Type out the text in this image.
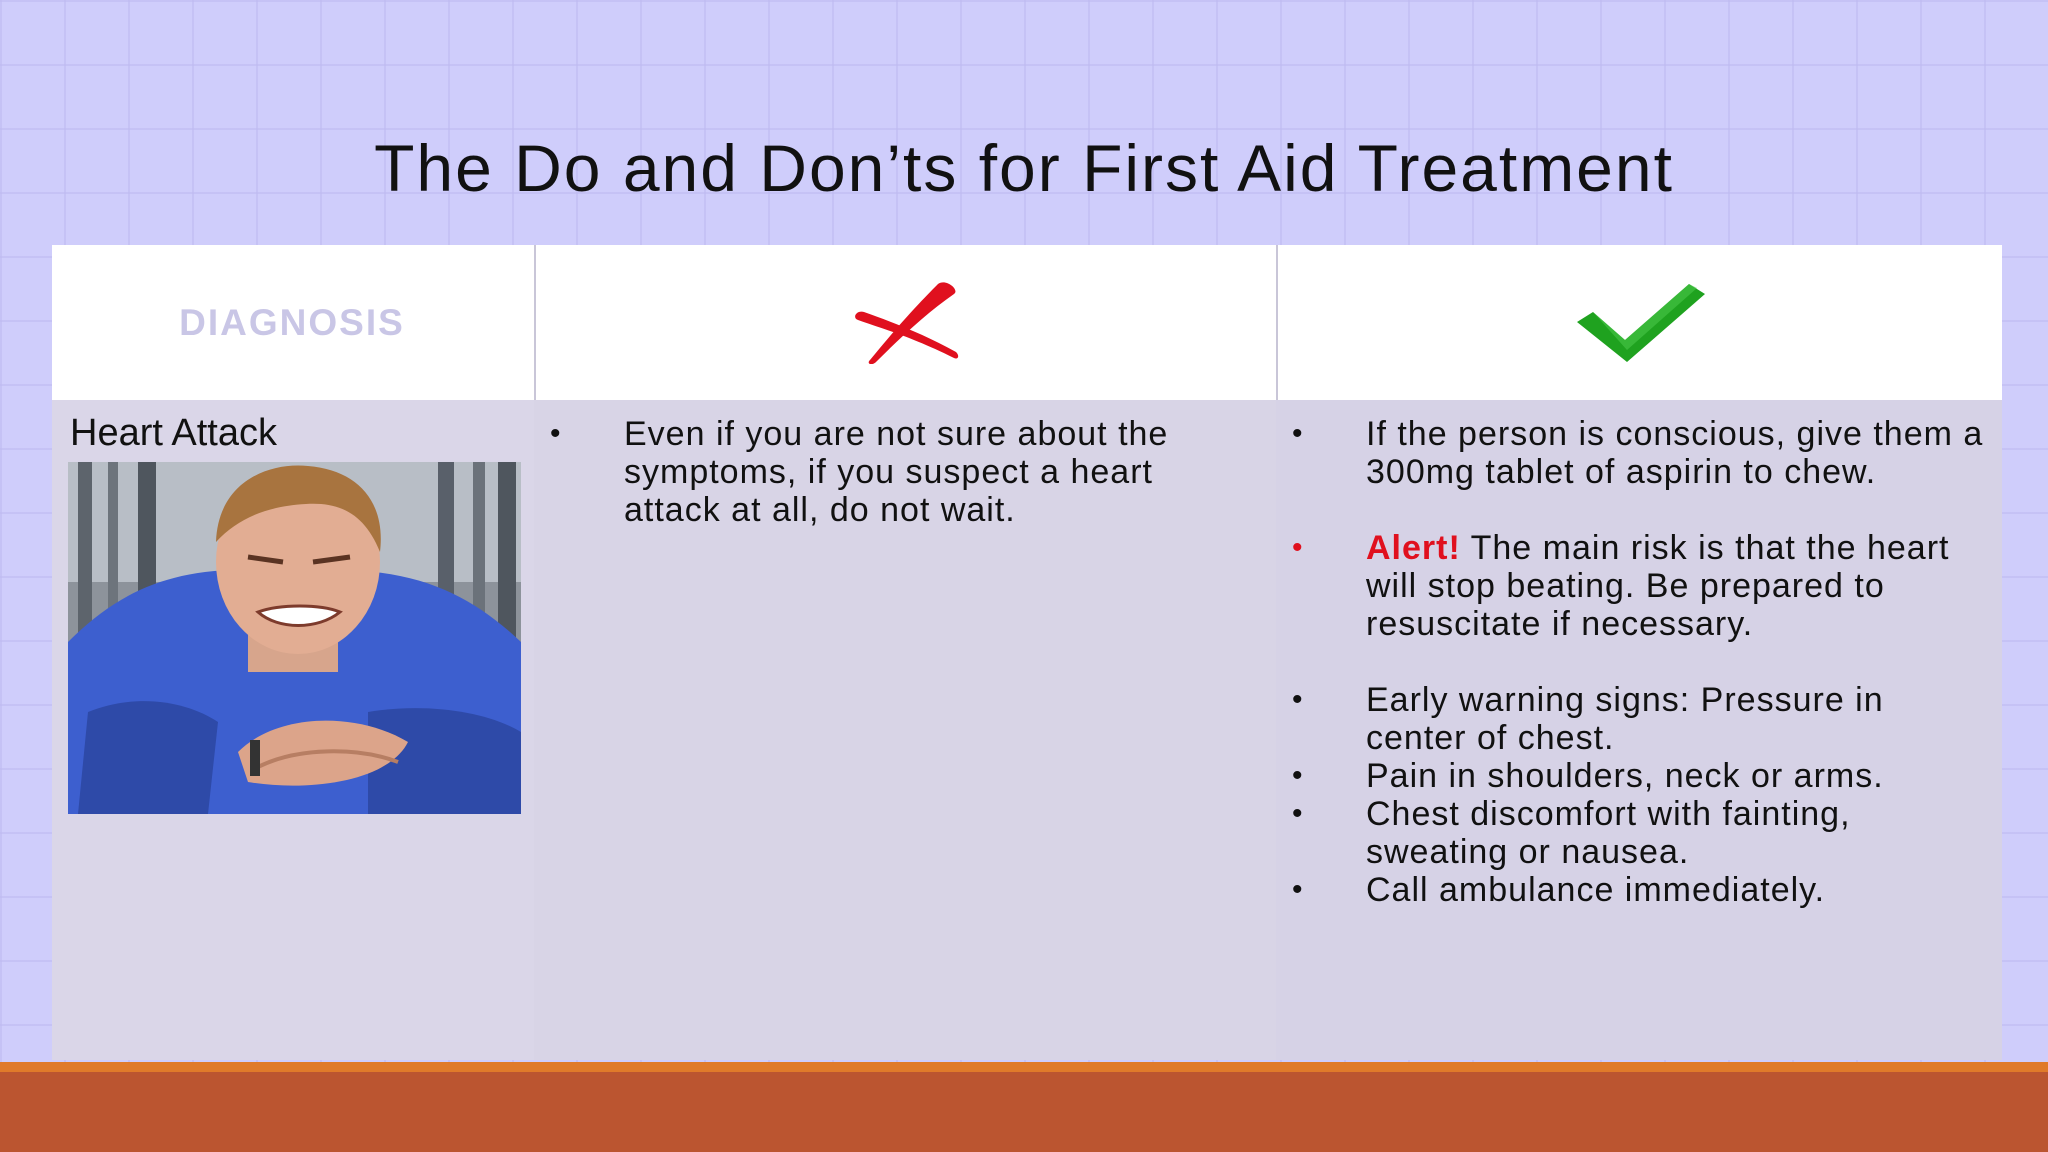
The Do and Don’ts for First Aid Treatment
DIAGNOSIS
Heart Attack	• Even if you are not sure about the symptoms, if you suspect a heart attack at all, do not wait.
• If the person is conscious, give them a 300mg tablet of aspirin to chew.
• Alert! The main risk is that the heart will stop beating. Be prepared to resuscitate if necessary.
• Early warning signs: Pressure in center of chest.
• Pain in shoulders, neck or arms.
• Chest discomfort with fainting, sweating or nausea.
• Call ambulance immediately.
